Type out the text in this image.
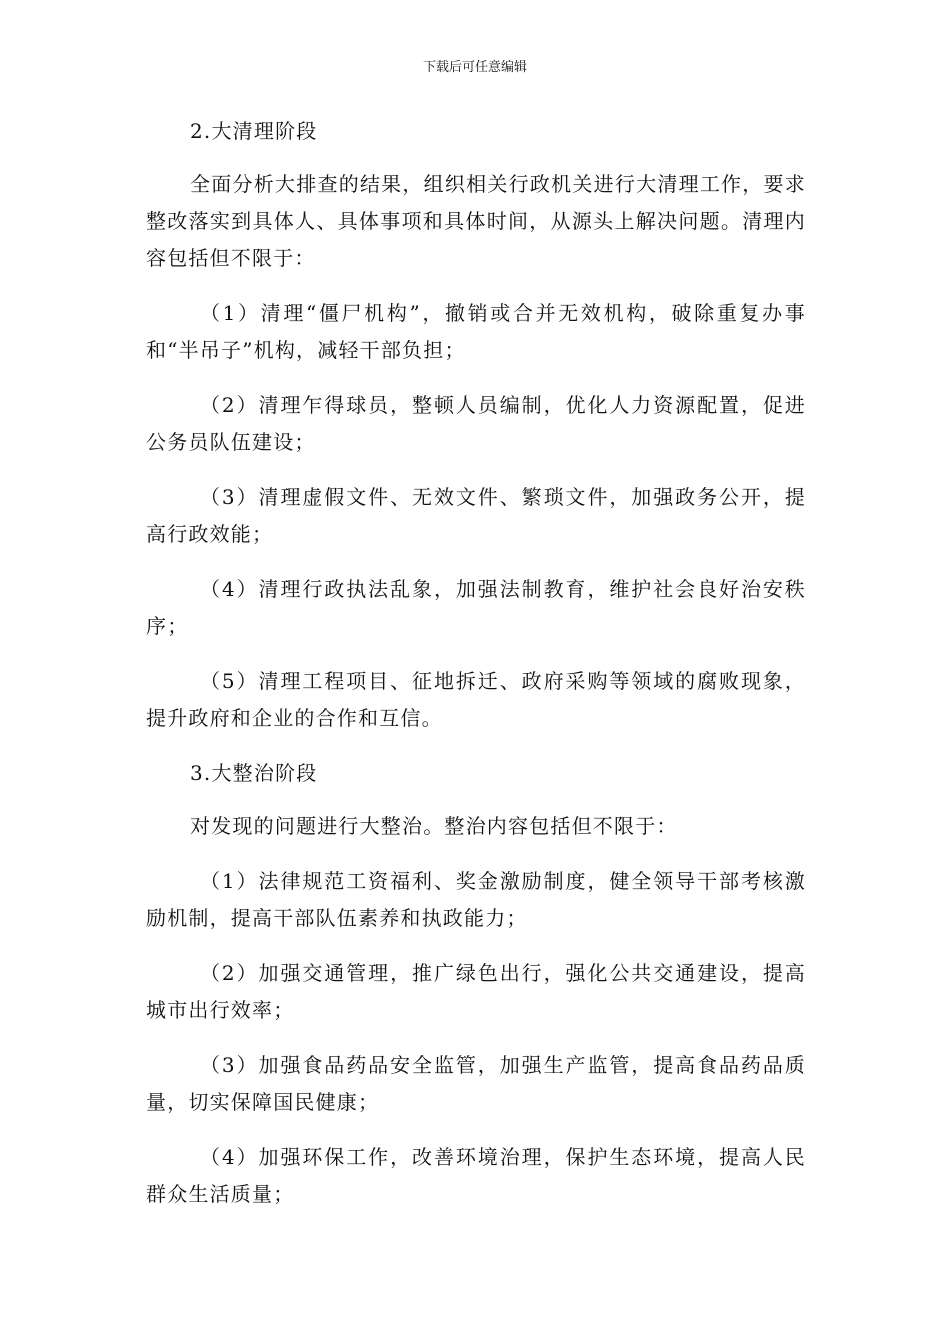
下载后可任意编辑

2.大清理阶段

全面分析大排查的结果，组织相关行政机关进行大清理工作，要求整改落实到具体人、具体事项和具体时间，从源头上解决问题。清理内容包括但不限于：

（1）清理“僵尸机构”，撤销或合并无效机构，破除重复办事和“半吊子”机构，减轻干部负担；

（2）清理乍得球员，整顿人员编制，优化人力资源配置，促进公务员队伍建设；

（3）清理虚假文件、无效文件、繁琐文件，加强政务公开，提高行政效能；

（4）清理行政执法乱象，加强法制教育，维护社会良好治安秩序；

（5）清理工程项目、征地拆迁、政府采购等领域的腐败现象，提升政府和企业的合作和互信。

3.大整治阶段

对发现的问题进行大整治。整治内容包括但不限于：

（1）法律规范工资福利、奖金激励制度，健全领导干部考核激励机制，提高干部队伍素养和执政能力；

（2）加强交通管理，推广绿色出行，强化公共交通建设，提高城市出行效率；

（3）加强食品药品安全监管，加强生产监管，提高食品药品质量，切实保障国民健康；

（4）加强环保工作，改善环境治理，保护生态环境，提高人民群众生活质量；
